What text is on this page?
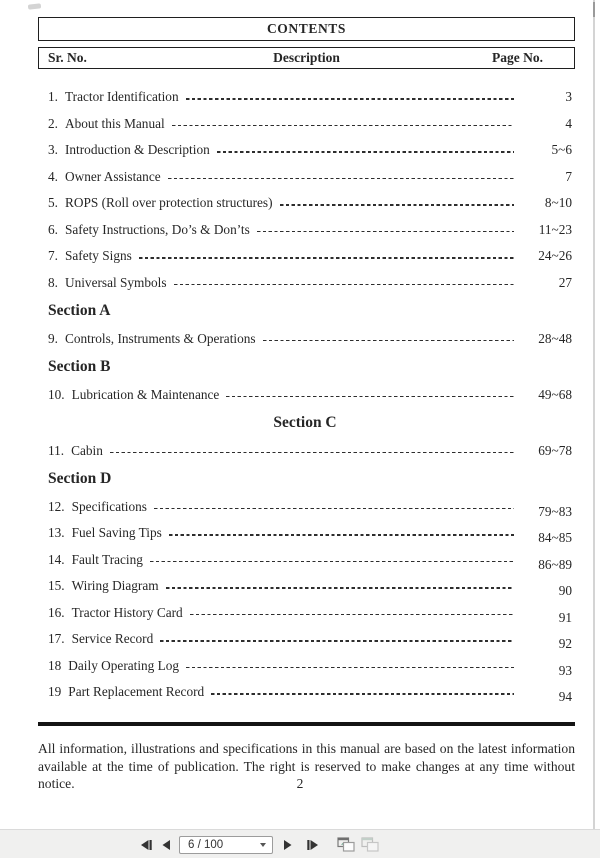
CONTENTS
Sr. No.	Description	Page No.
1. Tractor Identification	3
2. About this Manual	4
3. Introduction & Description	5~6
4. Owner Assistance	7
5. ROPS (Roll over protection structures)	8~10
6. Safety Instructions, Do’s & Don’ts	11~23
7. Safety Signs	24~26
8. Universal Symbols	27
Section A
9. Controls, Instruments & Operations	28~48
Section B
10. Lubrication & Maintenance	49~68
Section C
11. Cabin	69~78
Section D
12. Specifications	79~83
13. Fuel Saving Tips	84~85
14. Fault Tracing	86~89
15. Wiring Diagram	90
16. Tractor History Card	91
17. Service Record	92
18 Daily Operating Log	93
19 Part Replacement Record	94

All information, illustrations and specifications in this manual are based on the latest information available at the time of publication. The right is reserved to make changes at any time without notice.	2
6 / 100
